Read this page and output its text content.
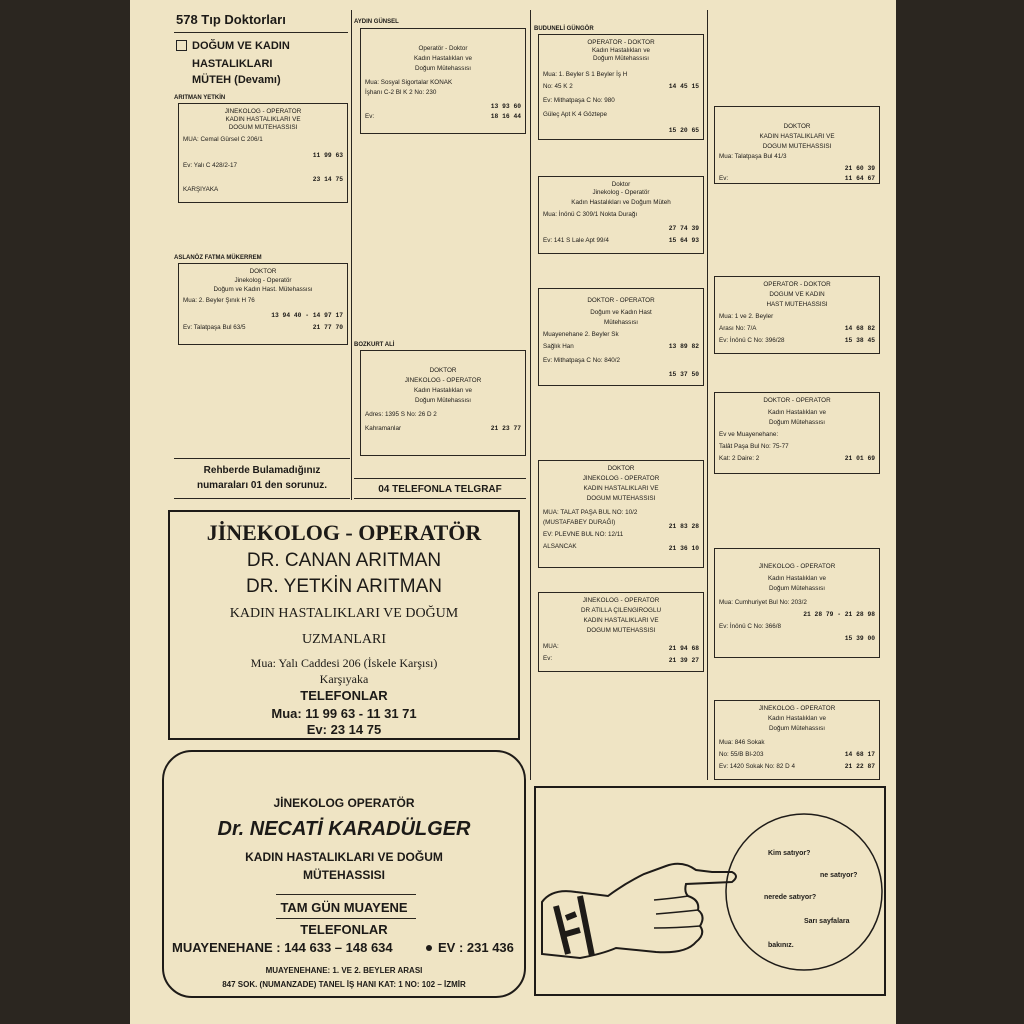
578 Tıp Doktorları
DOĞUM VE KADIN
HASTALIKLARI
MÜTEH (Devamı)
ARITMAN YETKİN
JİNEKOLOG - OPERATÖR
KADIN HASTALIKLARI VE
DOĞUM MÜTEHASSISI
MUA: Cemal Gürsel C 206/1
11 99 63
Ev: Yalı C 428/2-17
23 14 75
KARŞIYAKA
ASLANÖZ FATMA MÜKERREM
DOKTOR
Jinekolog - Operatör
Doğum ve Kadın Hast. Mütehassısı
Mua: 2. Beyler Şınık H 76
13 94 40 - 14 97 17
Ev: Talatpaşa Bul 63/5	21 77 70
Rehberde Bulamadığınız
numaraları 01 den sorunuz.
AYDIN GÜNSEL
Operatör - Doktor
Kadın Hastalıkları ve
Doğum Mütehassısı
Mua: Sosyal Sigortalar KONAK
İşhanı C-2 Bl K 2 No: 230
13 93 60
Ev:	18 16 44
BOZKURT ALİ
DOKTOR
JİNEKOLOG - OPERATÖR
Kadın Hastalıkları ve
Doğum Mütehassısı
Adres: 1395 S No: 26 D 2
Kahramanlar	21 23 77
04 TELEFONLA TELGRAF
BUDUNELİ GÜNGÖR
OPERATÖR - DOKTOR
Kadın Hastalıkları ve
Doğum Mütehassısı
Mua: 1. Beyler S 1 Beyler İş H
No: 45 K 2	14 45 15
Ev: Mithatpaşa C No: 980
Güleç Apt K 4 Göztepe
15 20 65
Doktor
Jinekolog - Operatör
Kadın Hastalıkları ve Doğum Müteh
Mua: İnönü C 309/1 Nokta Durağı
27 74 39
Ev: 141 S Lale Apt 99/4	15 64 93
DOKTOR - OPERATÖR
Doğum ve Kadın Hast
Mütehassısı
Muayenehane 2. Beyler Sk
Sağlık Han	13 89 82
Ev: Mithatpaşa C No: 840/2
15 37 50
DOKTOR
JİNEKOLOG - OPERATÖR
KADIN HASTALIKLARI VE
DOĞUM MÜTEHASSISI
MUA: TALAT PAŞA BUL NO: 10/2
(MUSTAFABEY DURAĞI)
21 83 28
EV: PLEVNE BUL NO: 12/11
ALSANCAK	21 36 10
JİNEKOLOG - OPERATÖR
DR ATİLLA ÇİLENGİROĞLU
KADIN HASTALIKLARI VE
DOĞUM MÜTEHASSISI
MUA:	21 94 68
Ev:	21 39 27
DOKTOR
KADIN HASTALIKLARI VE
DOĞUM MÜTEHASSISI
Mua: Talatpaşa Bul 41/3
21 60 39
Ev:	11 64 67
OPERATÖR - DOKTOR
DOĞUM VE KADIN
HAST MÜTEHASSISI
Mua: 1 ve 2. Beyler
Arası No: 7/A	14 68 82
Ev: İnönü C No: 396/28	15 38 45
DOKTOR - OPERATÖR
Kadın Hastalıkları ve
Doğum Mütehassısı
Ev ve Muayenehane:
Talât Paşa Bul No: 75-77
Kat: 2 Daire: 2	21 01 69
JİNEKOLOG - OPERATÖR
Kadın Hastalıkları ve
Doğum Mütehassısı
Mua: Cumhuriyet Bul No: 203/2
21 28 79 - 21 28 98
Ev: İnönü C No: 366/8
15 39 00
JİNEKOLOG - OPERATÖR
Kadın Hastalıkları ve
Doğum Mütehassısı
Mua: 846 Sokak
No: 55/B Bl-203	14 68 17
Ev: 1420 Sokak No: 82 D 4	21 22 87
JİNEKOLOG - OPERATÖR
DR. CANAN ARITMAN
DR. YETKİN ARITMAN
KADIN HASTALIKLARI VE DOĞUM
UZMANLARI
Mua: Yalı Caddesi 206 (İskele Karşısı)
Karşıyaka
TELEFONLAR
Mua: 11 99 63 - 11 31 71
Ev: 23 14 75
JİNEKOLOG OPERATÖR
Dr. NECATİ KARADÜLGER
KADIN HASTALIKLARI VE DOĞUM
MÜTEHASSISI
TAM GÜN MUAYENE
TELEFONLAR
MUAYENEHANE : 144 633 – 148 634	EV : 231 436
MUAYENEHANE: 1. VE 2. BEYLER ARASI
847 SOK. (NUMANZADE) TANEL İŞ HANI KAT: 1 NO: 102 – İZMİR
Kim satıyor?
ne satıyor?
nerede satıyor?
Sarı sayfalara
bakınız.
